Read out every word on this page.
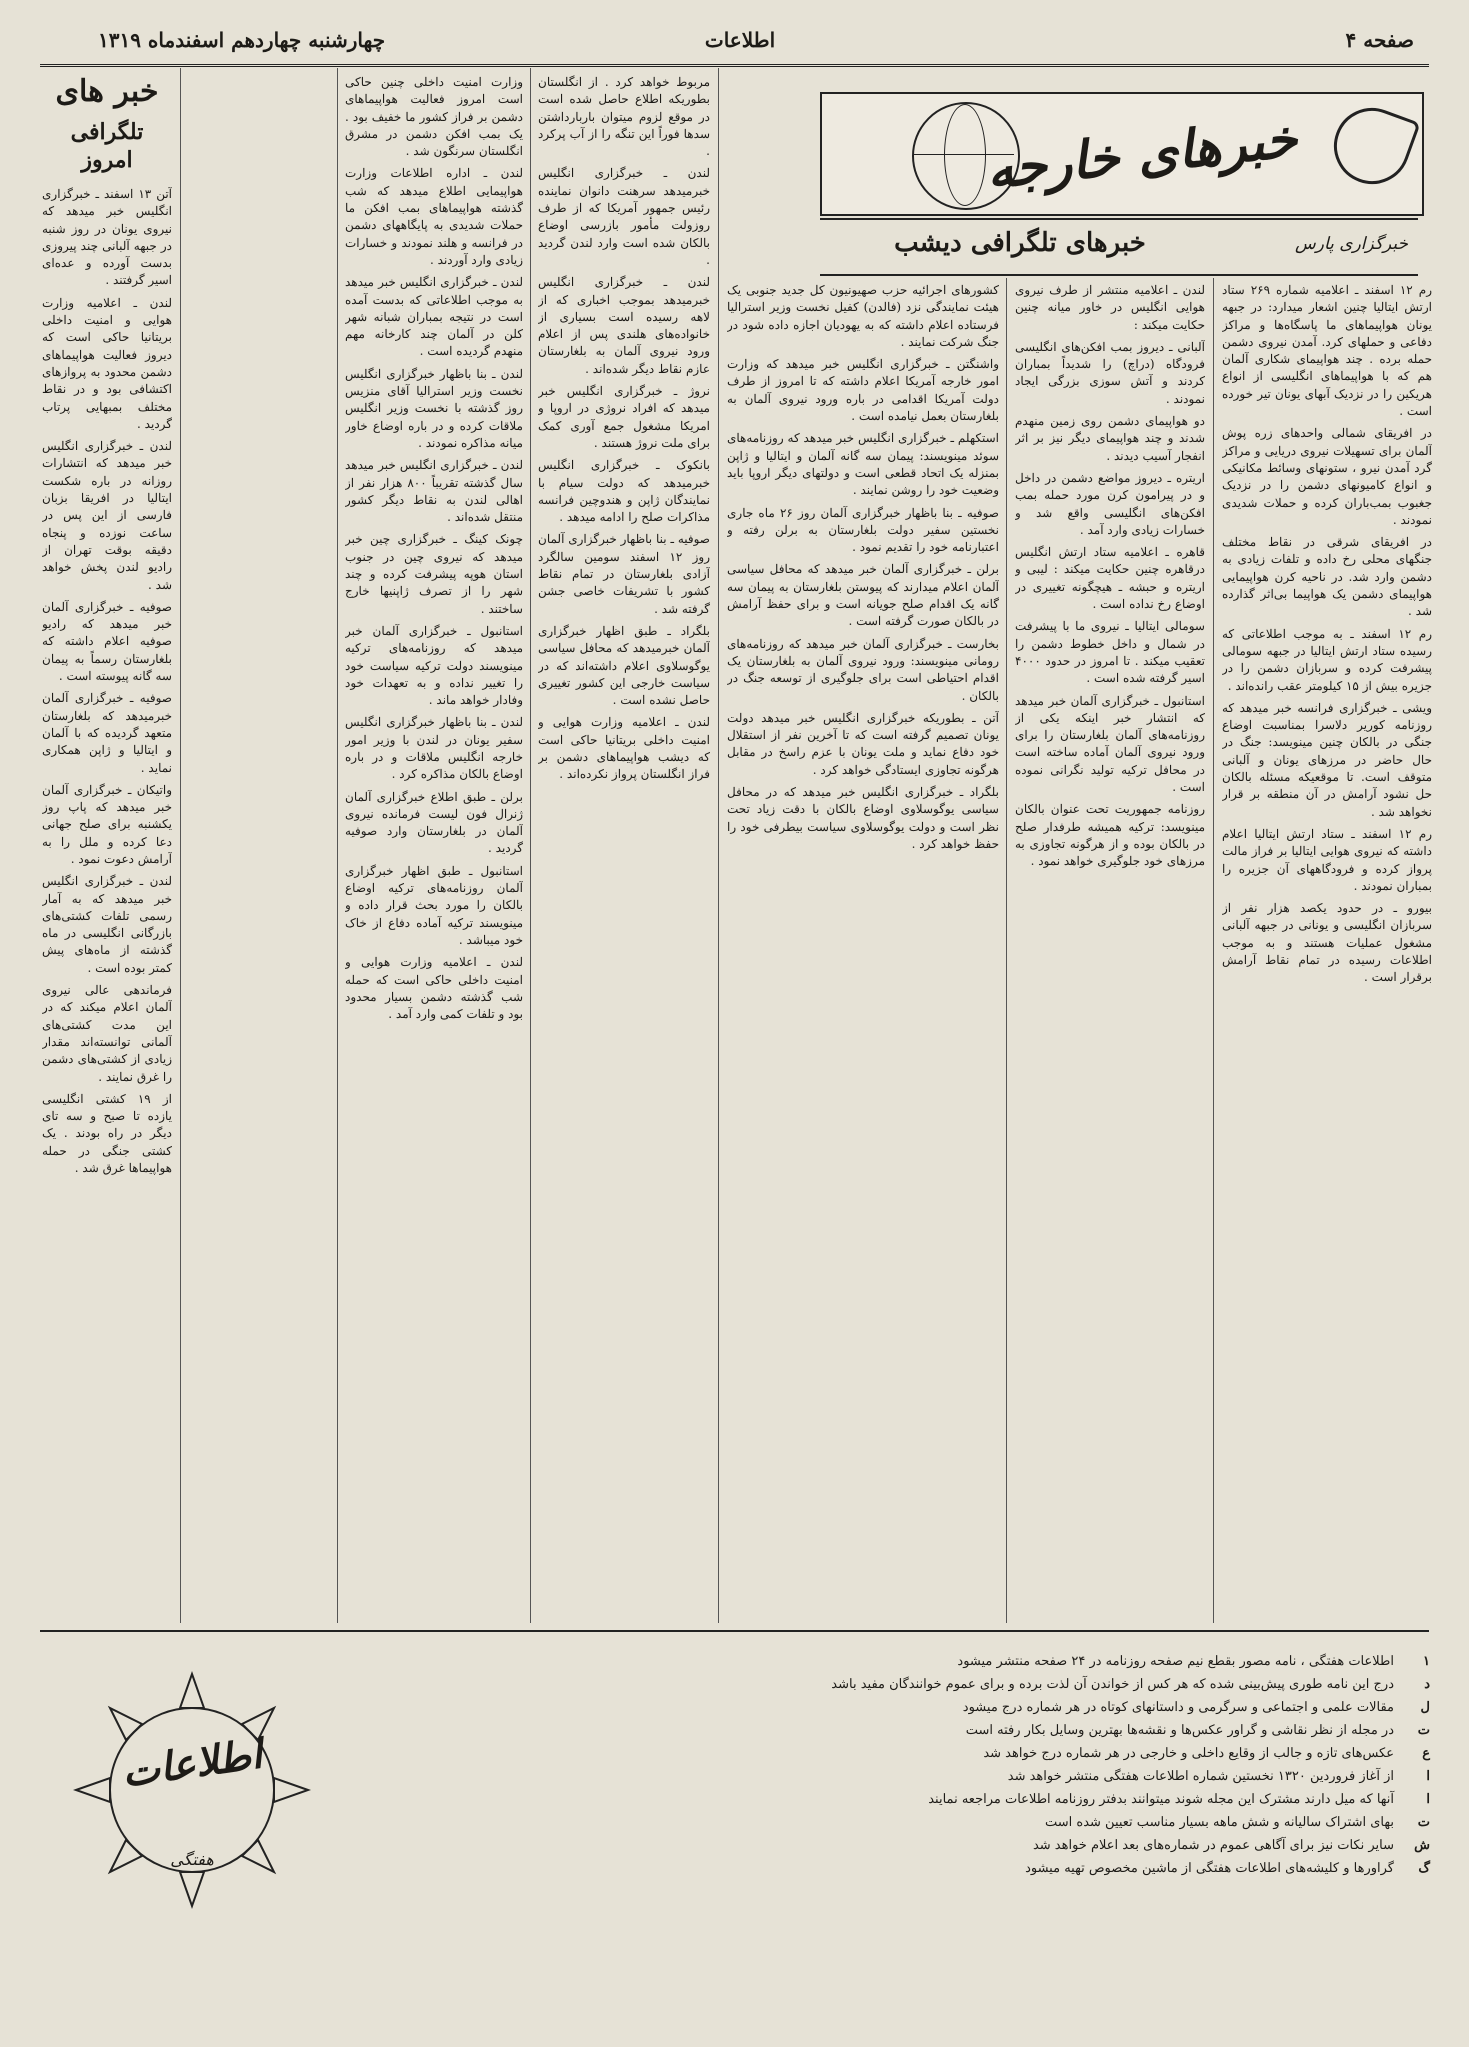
چهارشنبه چهاردهم اسفندماه ۱۳۱۹	اطلاعات	صفحه ۴
خبرهای خارجه
خبرهای تلگرافی دیشب	خبرگزاری پارس

رم ۱۲ اسفند ـ اعلامیه شماره ۲۶۹ ستاد ارتش ایتالیا چنین اشعار میدارد: در جبهه یونان هواپیماهای ما پاسگاه‌ها و مراکز دفاعی و حملهای کرد. آمدن نیروی دشمن حمله برده . چند هواپیمای شکاری آلمان هم که با هواپیماهای انگلیسی از انواع هریکین را در نزدیک آبهای یونان تیر خورده است .

در افریقای شمالی واحدهای زره پوش آلمان برای تسهیلات نیروی دریایی و مراکز گرد آمدن نیرو ، ستونهای وسائط مکانیکی و انواع کامیونهای دشمن را در نزدیک جغبوب بمب‌باران کرده و حملات شدیدی نمودند .

در افریقای شرقی در نقاط مختلف جنگهای محلی رخ داده و تلفات زیادی به دشمن وارد شد. در ناحیه کرن هواپیمایی هواپیمای دشمن یک هواپیما بی‌اثر گذارده شد .

رم ۱۲ اسفند ـ به موجب اطلاعاتی که رسیده ستاد ارتش ایتالیا در جبهه سومالی پیشرفت کرده و سربازان دشمن را در جزیره بیش از ۱۵ کیلومتر عقب رانده‌اند .

ویشی ـ خبرگزاری فرانسه خبر میدهد که روزنامه کوریر دلاسرا بمناسبت اوضاع جنگی در بالکان چنین مینویسد: جنگ در حال حاضر در مرزهای یونان و آلبانی متوقف است. تا موقعیکه مسئله بالکان حل نشود آرامش در آن منطقه بر قرار نخواهد شد .

رم ۱۲ اسفند ـ ستاد ارتش ایتالیا اعلام داشته که نیروی هوایی ایتالیا بر فراز مالت پرواز کرده و فرودگاههای آن جزیره را بمباران نمودند .

بیورو ـ در حدود یکصد هزار نفر از سربازان انگلیسی و یونانی در جبهه آلبانی مشغول عملیات هستند و به موجب اطلاعات رسیده در تمام نقاط آرامش برقرار است .

لندن ـ اعلامیه منتشر از طرف نیروی هوایی انگلیس در خاور میانه چنین حکایت میکند :

آلبانی ـ دیروز بمب افکن‌های انگلیسی فرودگاه (دراچ) را شدیداً بمباران کردند و آتش سوزی بزرگی ایجاد نمودند .

دو هواپیمای دشمن روی زمین منهدم شدند و چند هواپیمای دیگر نیز بر اثر انفجار آسیب دیدند .

اریتره ـ دیروز مواضع دشمن در داخل و در پیرامون کرن مورد حمله بمب افکن‌های انگلیسی واقع شد و خسارات زیادی وارد آمد .

قاهره ـ اعلامیه ستاد ارتش انگلیس درقاهره چنین حکایت میکند : لیبی و اریتره و حبشه ـ هیچگونه تغییری در اوضاع رخ نداده است .

سومالی ایتالیا ـ نیروی ما با پیشرفت در شمال و داخل خطوط دشمن را تعقیب میکند . تا امروز در حدود ۴۰۰۰ اسیر گرفته شده است .

استانبول ـ خبرگزاری آلمان خبر میدهد که انتشار خبر اینکه یکی از روزنامه‌های آلمان بلغارستان را برای ورود نیروی آلمان آماده ساخته است در محافل ترکیه تولید نگرانی نموده است .

روزنامه جمهوریت تحت عنوان بالکان مینویسد: ترکیه همیشه طرفدار صلح در بالکان بوده و از هرگونه تجاوزی به مرزهای خود جلوگیری خواهد نمود .

کشورهای اجرائیه حزب صهیونیون کل جدید جنوبی یک هیئت نمایندگی نزد (فالدن) کفیل نخست وزیر استرالیا فرستاده اعلام داشته که به یهودیان اجازه داده شود در جنگ شرکت نمایند .

واشنگتن ـ خبرگزاری انگلیس خبر میدهد که وزارت امور خارجه آمریکا اعلام داشته که تا امروز از طرف دولت آمریکا اقدامی در باره ورود نیروی آلمان به بلغارستان بعمل نیامده است .

استکهلم ـ خبرگزاری انگلیس خبر میدهد که روزنامه‌های سوئد مینویسند: پیمان سه گانه آلمان و ایتالیا و ژاپن بمنزله یک اتحاد قطعی است و دولتهای دیگر اروپا باید وضعیت خود را روشن نمایند .

صوفیه ـ بنا باظهار خبرگزاری آلمان روز ۲۶ ماه جاری نخستین سفیر دولت بلغارستان به برلن رفته و اعتبارنامه خود را تقدیم نمود .

برلن ـ خبرگزاری آلمان خبر میدهد که محافل سیاسی آلمان اعلام میدارند که پیوستن بلغارستان به پیمان سه گانه یک اقدام صلح جویانه است و برای حفظ آرامش در بالکان صورت گرفته است .

بخارست ـ خبرگزاری آلمان خبر میدهد که روزنامه‌های رومانی مینویسند: ورود نیروی آلمان به بلغارستان یک اقدام احتیاطی است برای جلوگیری از توسعه جنگ در بالکان .

آتن ـ بطوریکه خبرگزاری انگلیس خبر میدهد دولت یونان تصمیم گرفته است که تا آخرین نفر از استقلال خود دفاع نماید و ملت یونان با عزم راسخ در مقابل هرگونه تجاوزی ایستادگی خواهد کرد .

بلگراد ـ خبرگزاری انگلیس خبر میدهد که در محافل سیاسی یوگوسلاوی اوضاع بالکان با دقت زیاد تحت نظر است و دولت یوگوسلاوی سیاست بیطرفی خود را حفظ خواهد کرد .

مربوط خواهد کرد . از انگلستان بطوریکه اطلاع حاصل شده است در موقع لزوم میتوان باربارداشتن سدها فوراً این تنگه را از آب پرکرد .

لندن ـ خبرگزاری انگلیس خبرمیدهد سرهنت دانوان نماینده رئیس جمهور آمریکا که از طرف روزولت مأمور بازرسی اوضاع بالکان شده است وارد لندن گردید .

لندن ـ خبرگزاری انگلیس خبرمیدهد بموجب اخباری که از لاهه رسیده است بسیاری از خانواده‌های هلندی پس از اعلام ورود نیروی آلمان به بلغارستان عازم نقاط دیگر شده‌اند .

نروژ ـ خبرگزاری انگلیس خبر میدهد که افراد نروژی در اروپا و امریکا مشغول جمع آوری کمک برای ملت نروژ هستند .

بانکوک ـ خبرگزاری انگلیس خبرمیدهد که دولت سیام با نمایندگان ژاپن و هندوچین فرانسه مذاکرات صلح را ادامه میدهد .

صوفیه ـ بنا باظهار خبرگزاری آلمان روز ۱۲ اسفند سومین سالگرد آزادی بلغارستان در تمام نقاط کشور با تشریفات خاصی جشن گرفته شد .

بلگراد ـ طبق اظهار خبرگزاری آلمان خبرمیدهد که محافل سیاسی یوگوسلاوی اعلام داشته‌اند که در سیاست خارجی این کشور تغییری حاصل نشده است .

لندن ـ اعلامیه وزارت هوایی و امنیت داخلی بریتانیا حاکی است که دیشب هواپیماهای دشمن بر فراز انگلستان پرواز نکرده‌اند .

وزارت امنیت داخلی چنین حاکی است امروز فعالیت هواپیماهای دشمن بر فراز کشور ما خفیف بود . یک بمب افکن دشمن در مشرق انگلستان سرنگون شد .

لندن ـ اداره اطلاعات وزارت هواپیمایی اطلاع میدهد که شب گذشته هواپیماهای بمب افکن ما حملات شدیدی به پایگاههای دشمن در فرانسه و هلند نمودند و خسارات زیادی وارد آوردند .

لندن ـ خبرگزاری انگلیس خبر میدهد به موجب اطلاعاتی که بدست آمده است در نتیجه بمباران شبانه شهر کلن در آلمان چند کارخانه مهم منهدم گردیده است .

لندن ـ بنا باظهار خبرگزاری انگلیس نخست وزیر استرالیا آقای منزیس روز گذشته با نخست وزیر انگلیس ملاقات کرده و در باره اوضاع خاور میانه مذاکره نمودند .

لندن ـ خبرگزاری انگلیس خبر میدهد سال گذشته تقریباً ۸۰۰ هزار نفر از اهالی لندن به نقاط دیگر کشور منتقل شده‌اند .

چونک کینگ ـ خبرگزاری چین خبر میدهد که نیروی چین در جنوب استان هوپه پیشرفت کرده و چند شهر را از تصرف ژاپنیها خارج ساختند .

استانبول ـ خبرگزاری آلمان خبر میدهد که روزنامه‌های ترکیه مینویسند دولت ترکیه سیاست خود را تغییر نداده و به تعهدات خود وفادار خواهد ماند .

لندن ـ بنا باظهار خبرگزاری انگلیس سفیر یونان در لندن با وزیر امور خارجه انگلیس ملاقات و در باره اوضاع بالکان مذاکره کرد .

برلن ـ طبق اطلاع خبرگزاری آلمان ژنرال فون لیست فرمانده نیروی آلمان در بلغارستان وارد صوفیه گردید .

استانبول ـ طبق اظهار خبرگزاری آلمان روزنامه‌های ترکیه اوضاع بالکان را مورد بحث قرار داده و مینویسند ترکیه آماده دفاع از خاک خود میباشد .

لندن ـ اعلامیه وزارت هوایی و امنیت داخلی حاکی است که حمله شب گذشته دشمن بسیار محدود بود و تلفات کمی وارد آمد .

خبر های
تلگرافی امروز

آتن ۱۳ اسفند ـ خبرگزاری انگلیس خبر میدهد که نیروی یونان در روز شنبه در جبهه آلبانی چند پیروزی بدست آورده و عده‌ای اسیر گرفتند .

لندن ـ اعلامیه وزارت هوایی و امنیت داخلی بریتانیا حاکی است که دیروز فعالیت هواپیماهای دشمن محدود به پروازهای اکتشافی بود و در نقاط مختلف بمبهایی پرتاب گردید .

لندن ـ خبرگزاری انگلیس خبر میدهد که انتشارات روزانه در باره شکست ایتالیا در افریقا بزبان فارسی از این پس در ساعت نوزده و پنجاه دقیقه بوقت تهران از رادیو لندن پخش خواهد شد .

صوفیه ـ خبرگزاری آلمان خبر میدهد که رادیو صوفیه اعلام داشته که بلغارستان رسماً به پیمان سه گانه پیوسته است .

صوفیه ـ خبرگزاری آلمان خبرمیدهد که بلغارستان متعهد گردیده که با آلمان و ایتالیا و ژاپن همکاری نماید .

واتیکان ـ خبرگزاری آلمان خبر میدهد که پاپ روز یکشنبه برای صلح جهانی دعا کرده و ملل را به آرامش دعوت نمود .

لندن ـ خبرگزاری انگلیس خبر میدهد که به آمار رسمی تلفات کشتی‌های بازرگانی انگلیسی در ماه گذشته از ماه‌های پیش کمتر بوده است .

فرماندهی عالی نیروی آلمان اعلام میکند که در این مدت کشتی‌های آلمانی توانسته‌اند مقدار زیادی از کشتی‌های دشمن را غرق نمایند .

از ۱۹ کشتی انگلیسی یازده تا صبح و سه تای دیگر در راه بودند . یک کشتی جنگی در حمله هواپیماها غرق شد .

اطلاعات
هفتگی
۱
اطلاعات هفتگی ، نامه مصور بقطع نیم صفحه روزنامه در ۲۴ صفحه منتشر میشود
د
درج این نامه طوری پیش‌بینی شده که هر کس از خواندن آن لذت برده و برای عموم خوانندگان مفید باشد
ل
مقالات علمی و اجتماعی و سرگرمی و داستانهای کوتاه در هر شماره درج میشود
ت
در مجله از نظر نقاشی و گراور عکس‌ها و نقشه‌ها بهترین وسایل بکار رفته است
ع
عکس‌های تازه و جالب از وقایع داخلی و خارجی در هر شماره درج خواهد شد
ا
از آغاز فروردین ۱۳۲۰ نخستین شماره اطلاعات هفتگی منتشر خواهد شد
ا
آنها که میل دارند مشترک این مجله شوند میتوانند بدفتر روزنامه اطلاعات مراجعه نمایند
ت
بهای اشتراک سالیانه و شش ماهه بسیار مناسب تعیین شده است
ش
سایر نکات نیز برای آگاهی عموم در شماره‌های بعد اعلام خواهد شد
گ
گراورها و کلیشه‌های اطلاعات هفتگی از ماشین مخصوص تهیه میشود
